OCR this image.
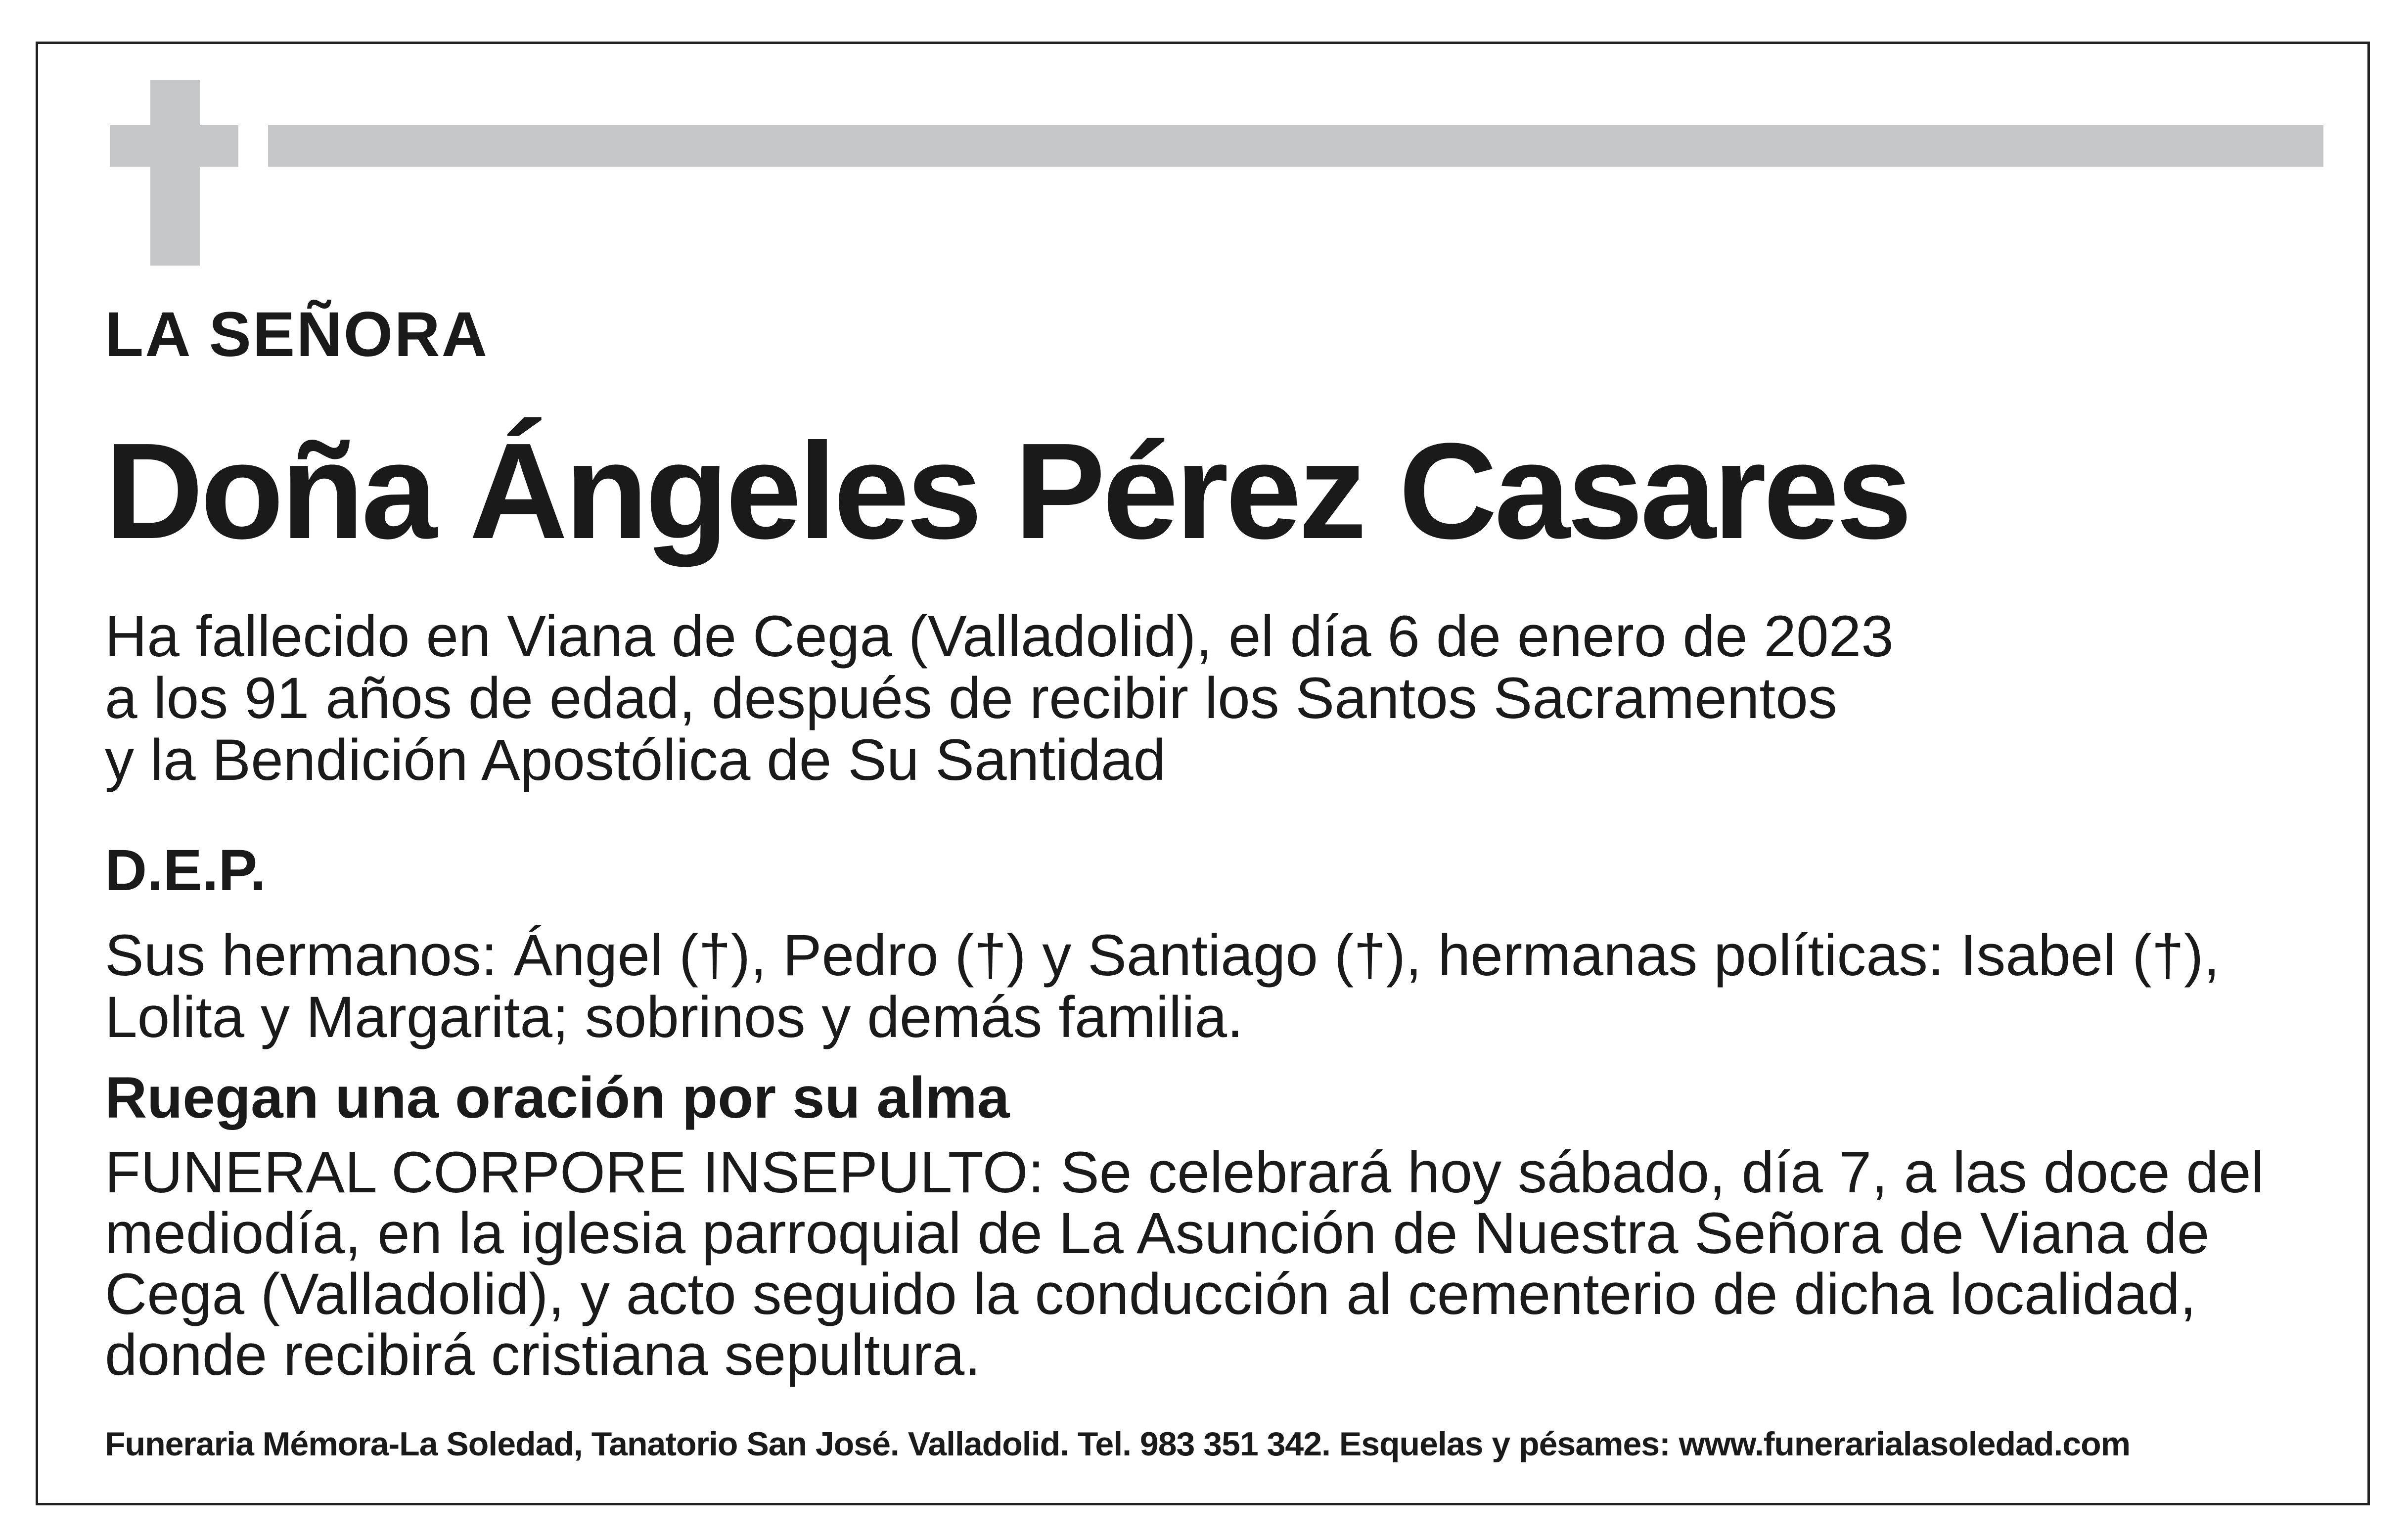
LA SEÑORA
Doña Ángeles Pérez Casares
Ha fallecido en Viana de Cega (Valladolid), el día 6 de enero de 2023
a los 91 años de edad, después de recibir los Santos Sacramentos
y la Bendición Apostólica de Su Santidad
D.E.P.
Sus hermanos: Ángel (†), Pedro (†) y Santiago (†), hermanas políticas: Isabel (†),
Lolita y Margarita; sobrinos y demás familia.
Ruegan una oración por su alma
FUNERAL CORPORE INSEPULTO: Se celebrará hoy sábado, día 7, a las doce del
mediodía, en la iglesia parroquial de La Asunción de Nuestra Señora de Viana de
Cega (Valladolid), y acto seguido la conducción al cementerio de dicha localidad,
donde recibirá cristiana sepultura.
Funeraria Mémora-La Soledad, Tanatorio San José. Valladolid. Tel. 983 351 342. Esquelas y pésames: www.funerarialasoledad.com
